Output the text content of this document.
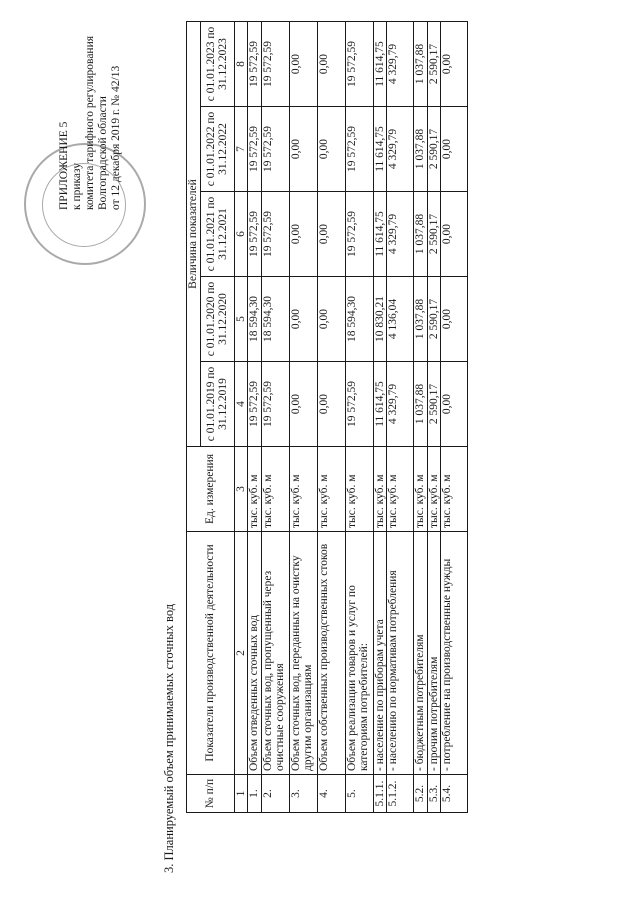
ПРИЛОЖЕНИЕ 5 к приказу комитета тарифного регулирования Волгоградской области от 12 декабря 2019 г. № 42/13
3. Планируемый объем принимаемых сточных вод № п/п	Показатели производственной деятельности	Ед. измерения	Величина показателей				
			с 01.01.2019 по 31.12.2019	с 01.01.2020 по 31.12.2020	с 01.01.2021 по 31.12.2021	с 01.01.2022 по 31.12.2022	с 01.01.2023 по 31.12.2023
1	2	3	4	5	6	7	8
1.	Объем отведенных сточных вод	тыс. куб. м	19 572,59	18 594,30	19 572,59	19 572,59	19 572,59
2.	Объем сточных вод, пропущенный через очистные сооружения	тыс. куб. м	19 572,59	18 594,30	19 572,59	19 572,59	19 572,59
3.	Объем сточных вод, переданных на очистку другим организациям	тыс. куб. м	0,00	0,00	0,00	0,00	0,00
4.	Объем собственных производственных стоков	тыс. куб. м	0,00	0,00	0,00	0,00	0,00
5.	Объем реализации товаров и услуг по категориям потребителей:	тыс. куб. м	19 572,59	18 594,30	19 572,59	19 572,59	19 572,59
5.1.1.	- население по приборам учета	тыс. куб. м	11 614,75	10 830,21	11 614,75	11 614,75	11 614,75
5.1.2.	- населению по нормативам потребления	тыс. куб. м	4 329,79	4 136,04	4 329,79	4 329,79	4 329,79
5.2.	- бюджетным потребителям	тыс. куб. м	1 037,88	1 037,88	1 037,88	1 037,88	1 037,88
5.3.	- прочим потребителям	тыс. куб. м	2 590,17	2 590,17	2 590,17	2 590,17	2 590,17
5.4.	- потребление на производственные нужды	тыс. куб. м	0,00	0,00	0,00	0,00	0,00
